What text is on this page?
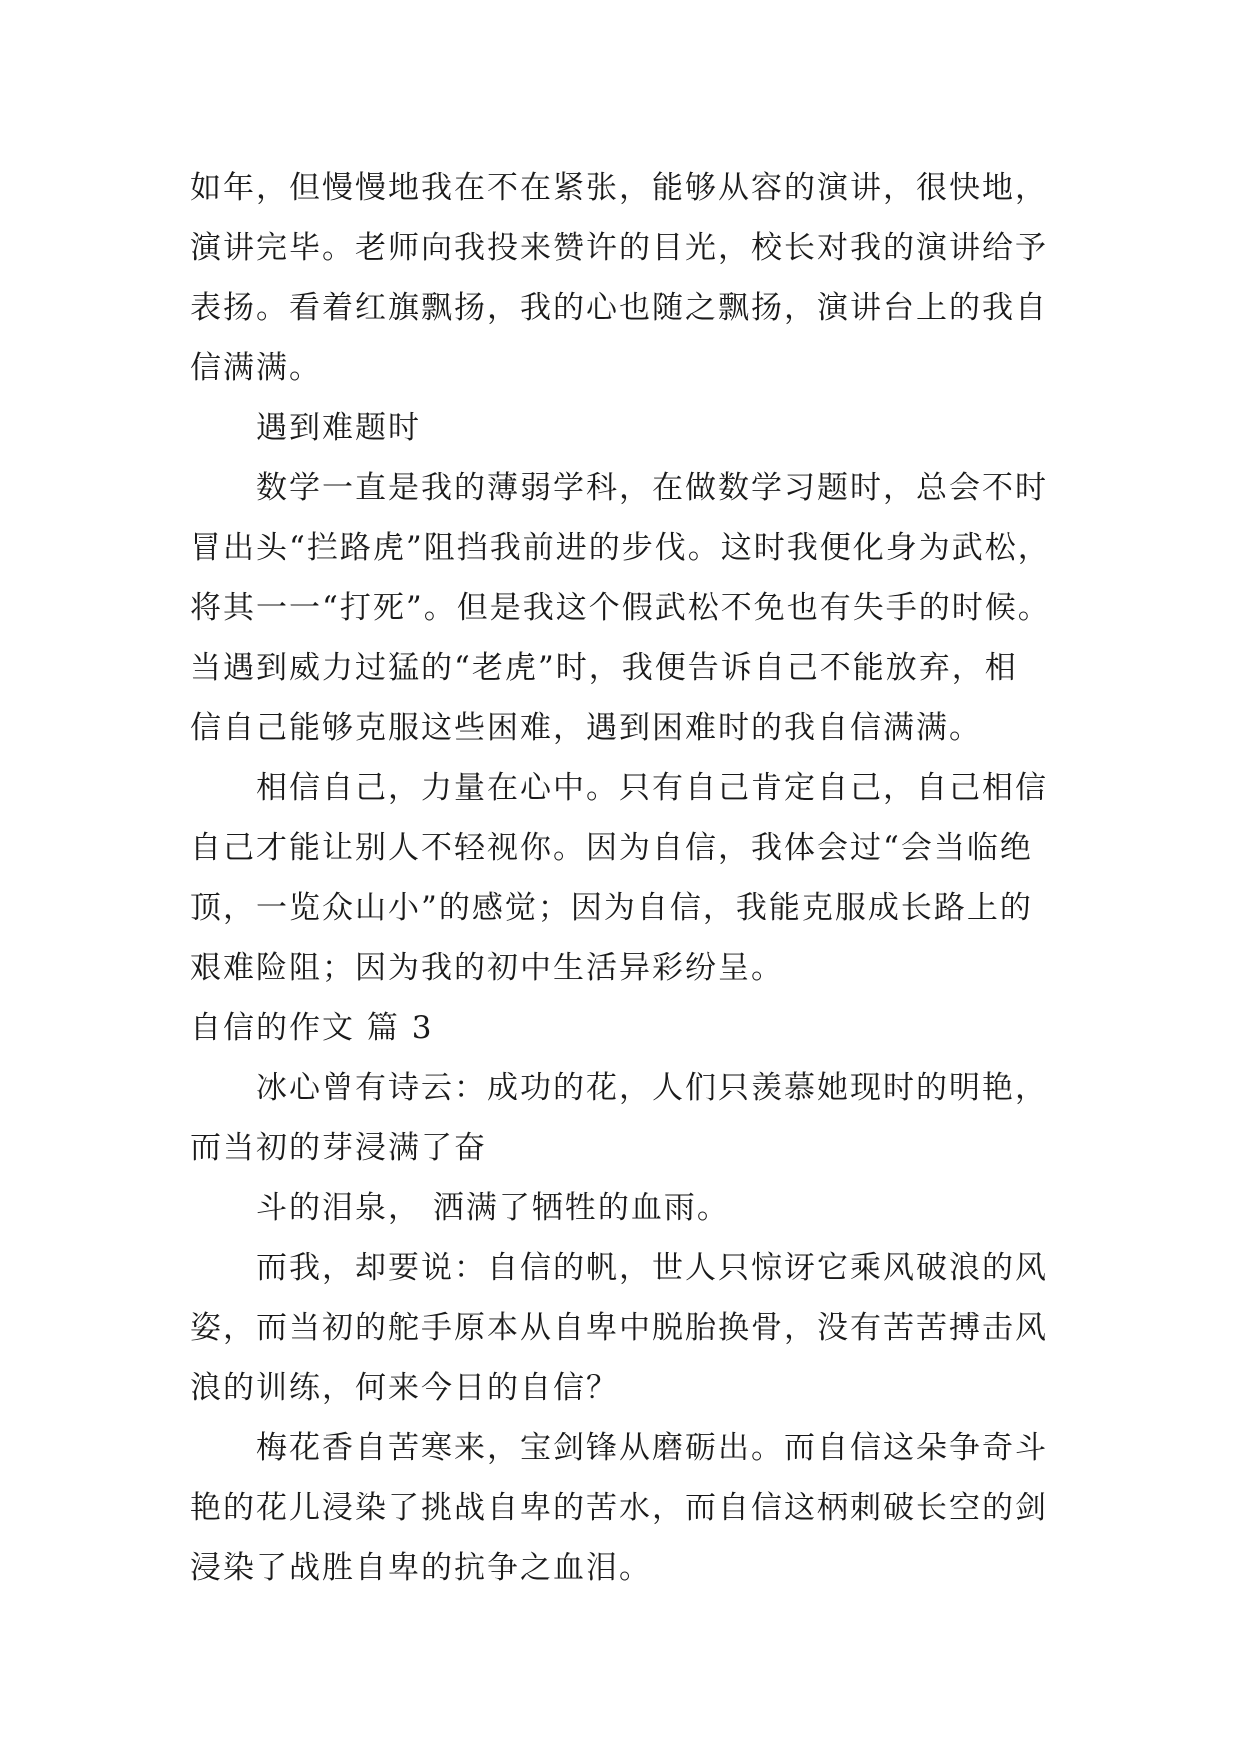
如年，但慢慢地我在不在紧张，能够从容的演讲，很快地，
演讲完毕。老师向我投来赞许的目光，校长对我的演讲给予
表扬。看着红旗飘扬，我的心也随之飘扬，演讲台上的我自
信满满。
遇到难题时
数学一直是我的薄弱学科，在做数学习题时，总会不时
冒出头“拦路虎”阻挡我前进的步伐。这时我便化身为武松，
将其一一“打死”。但是我这个假武松不免也有失手的时候。
当遇到威力过猛的“老虎”时，我便告诉自己不能放弃，相
信自己能够克服这些困难，遇到困难时的我自信满满。
相信自己，力量在心中。只有自己肯定自己，自己相信
自己才能让别人不轻视你。因为自信，我体会过“会当临绝
顶，一览众山小”的感觉；因为自信，我能克服成长路上的
艰难险阻；因为我的初中生活异彩纷呈。
自信的作文 篇 3
冰心曾有诗云：成功的花，人们只羡慕她现时的明艳，
而当初的芽浸满了奋
斗的泪泉， 洒满了牺牲的血雨。
而我，却要说：自信的帆，世人只惊讶它乘风破浪的风
姿，而当初的舵手原本从自卑中脱胎换骨，没有苦苦搏击风
浪的训练，何来今日的自信？
梅花香自苦寒来，宝剑锋从磨砺出。而自信这朵争奇斗
艳的花儿浸染了挑战自卑的苦水，而自信这柄刺破长空的剑
浸染了战胜自卑的抗争之血泪。
